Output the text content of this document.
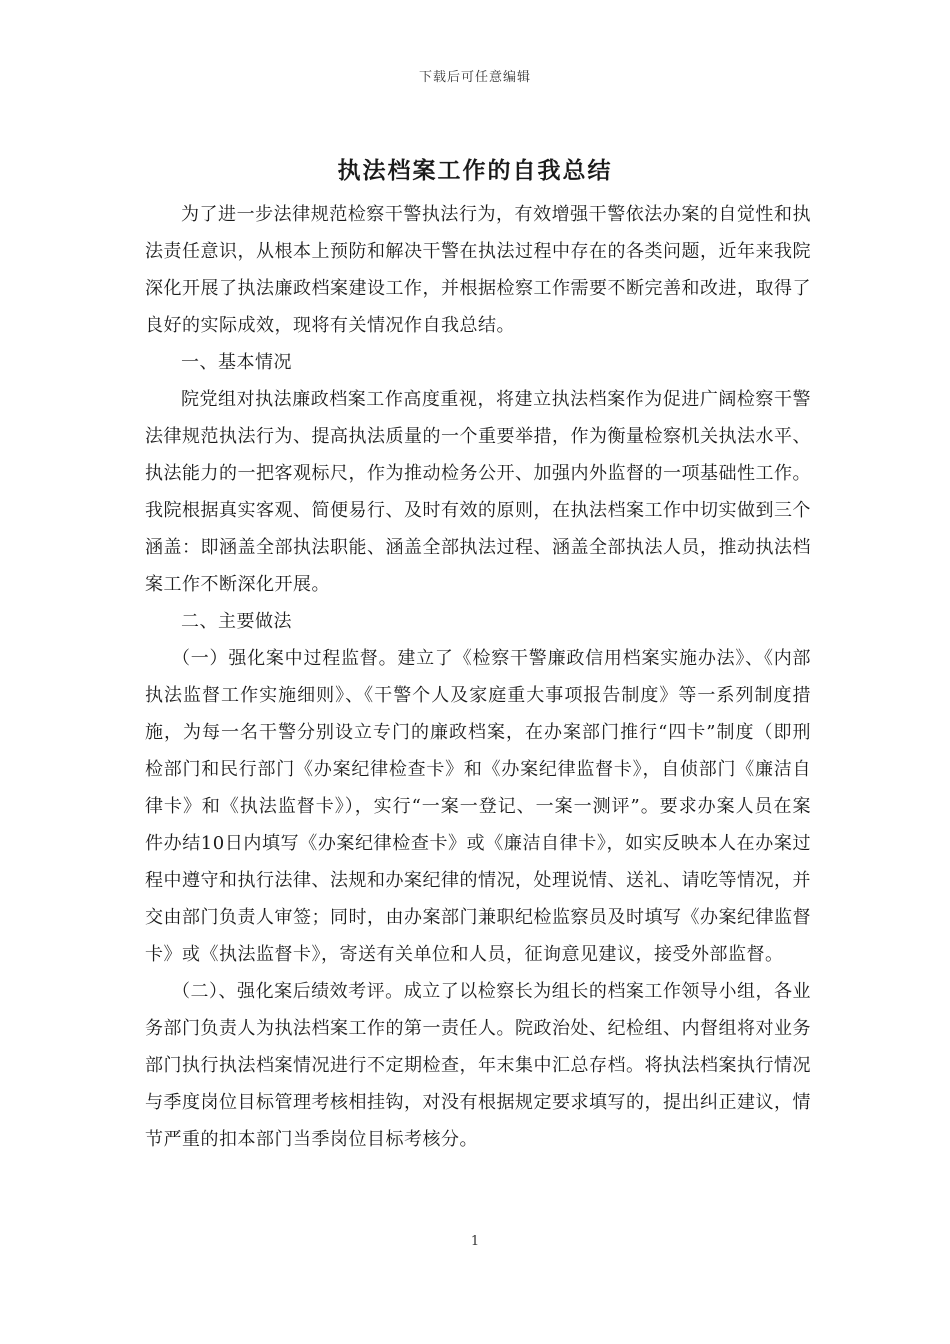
下载后可任意编辑
执法档案工作的自我总结

为了进一步法律规范检察干警执法行为，有效增强干警依法办案的自觉性和执法责任意识，从根本上预防和解决干警在执法过程中存在的各类问题，近年来我院深化开展了执法廉政档案建设工作，并根据检察工作需要不断完善和改进，取得了良好的实际成效，现将有关情况作自我总结。

一、基本情况

院党组对执法廉政档案工作高度重视，将建立执法档案作为促进广阔检察干警法律规范执法行为、提高执法质量的一个重要举措，作为衡量检察机关执法水平、执法能力的一把客观标尺，作为推动检务公开、加强内外监督的一项基础性工作。我院根据真实客观、简便易行、及时有效的原则，在执法档案工作中切实做到三个涵盖：即涵盖全部执法职能、涵盖全部执法过程、涵盖全部执法人员，推动执法档案工作不断深化开展。

二、主要做法

（一）强化案中过程监督。建立了《检察干警廉政信用档案实施办法》、《内部执法监督工作实施细则》、《干警个人及家庭重大事项报告制度》等一系列制度措施，为每一名干警分别设立专门的廉政档案，在办案部门推行“四卡”制度（即刑检部门和民行部门《办案纪律检查卡》和《办案纪律监督卡》，自侦部门《廉洁自律卡》和《执法监督卡》），实行“一案一登记、一案一测评”。要求办案人员在案件办结10日内填写《办案纪律检查卡》或《廉洁自律卡》，如实反映本人在办案过程中遵守和执行法律、法规和办案纪律的情况，处理说情、送礼、请吃等情况，并交由部门负责人审签；同时，由办案部门兼职纪检监察员及时填写《办案纪律监督卡》或《执法监督卡》，寄送有关单位和人员，征询意见建议，接受外部监督。

（二）、强化案后绩效考评。成立了以检察长为组长的档案工作领导小组，各业务部门负责人为执法档案工作的第一责任人。院政治处、纪检组、内督组将对业务部门执行执法档案情况进行不定期检查，年末集中汇总存档。将执法档案执行情况与季度岗位目标管理考核相挂钩，对没有根据规定要求填写的，提出纠正建议，情节严重的扣本部门当季岗位目标考核分。

1
